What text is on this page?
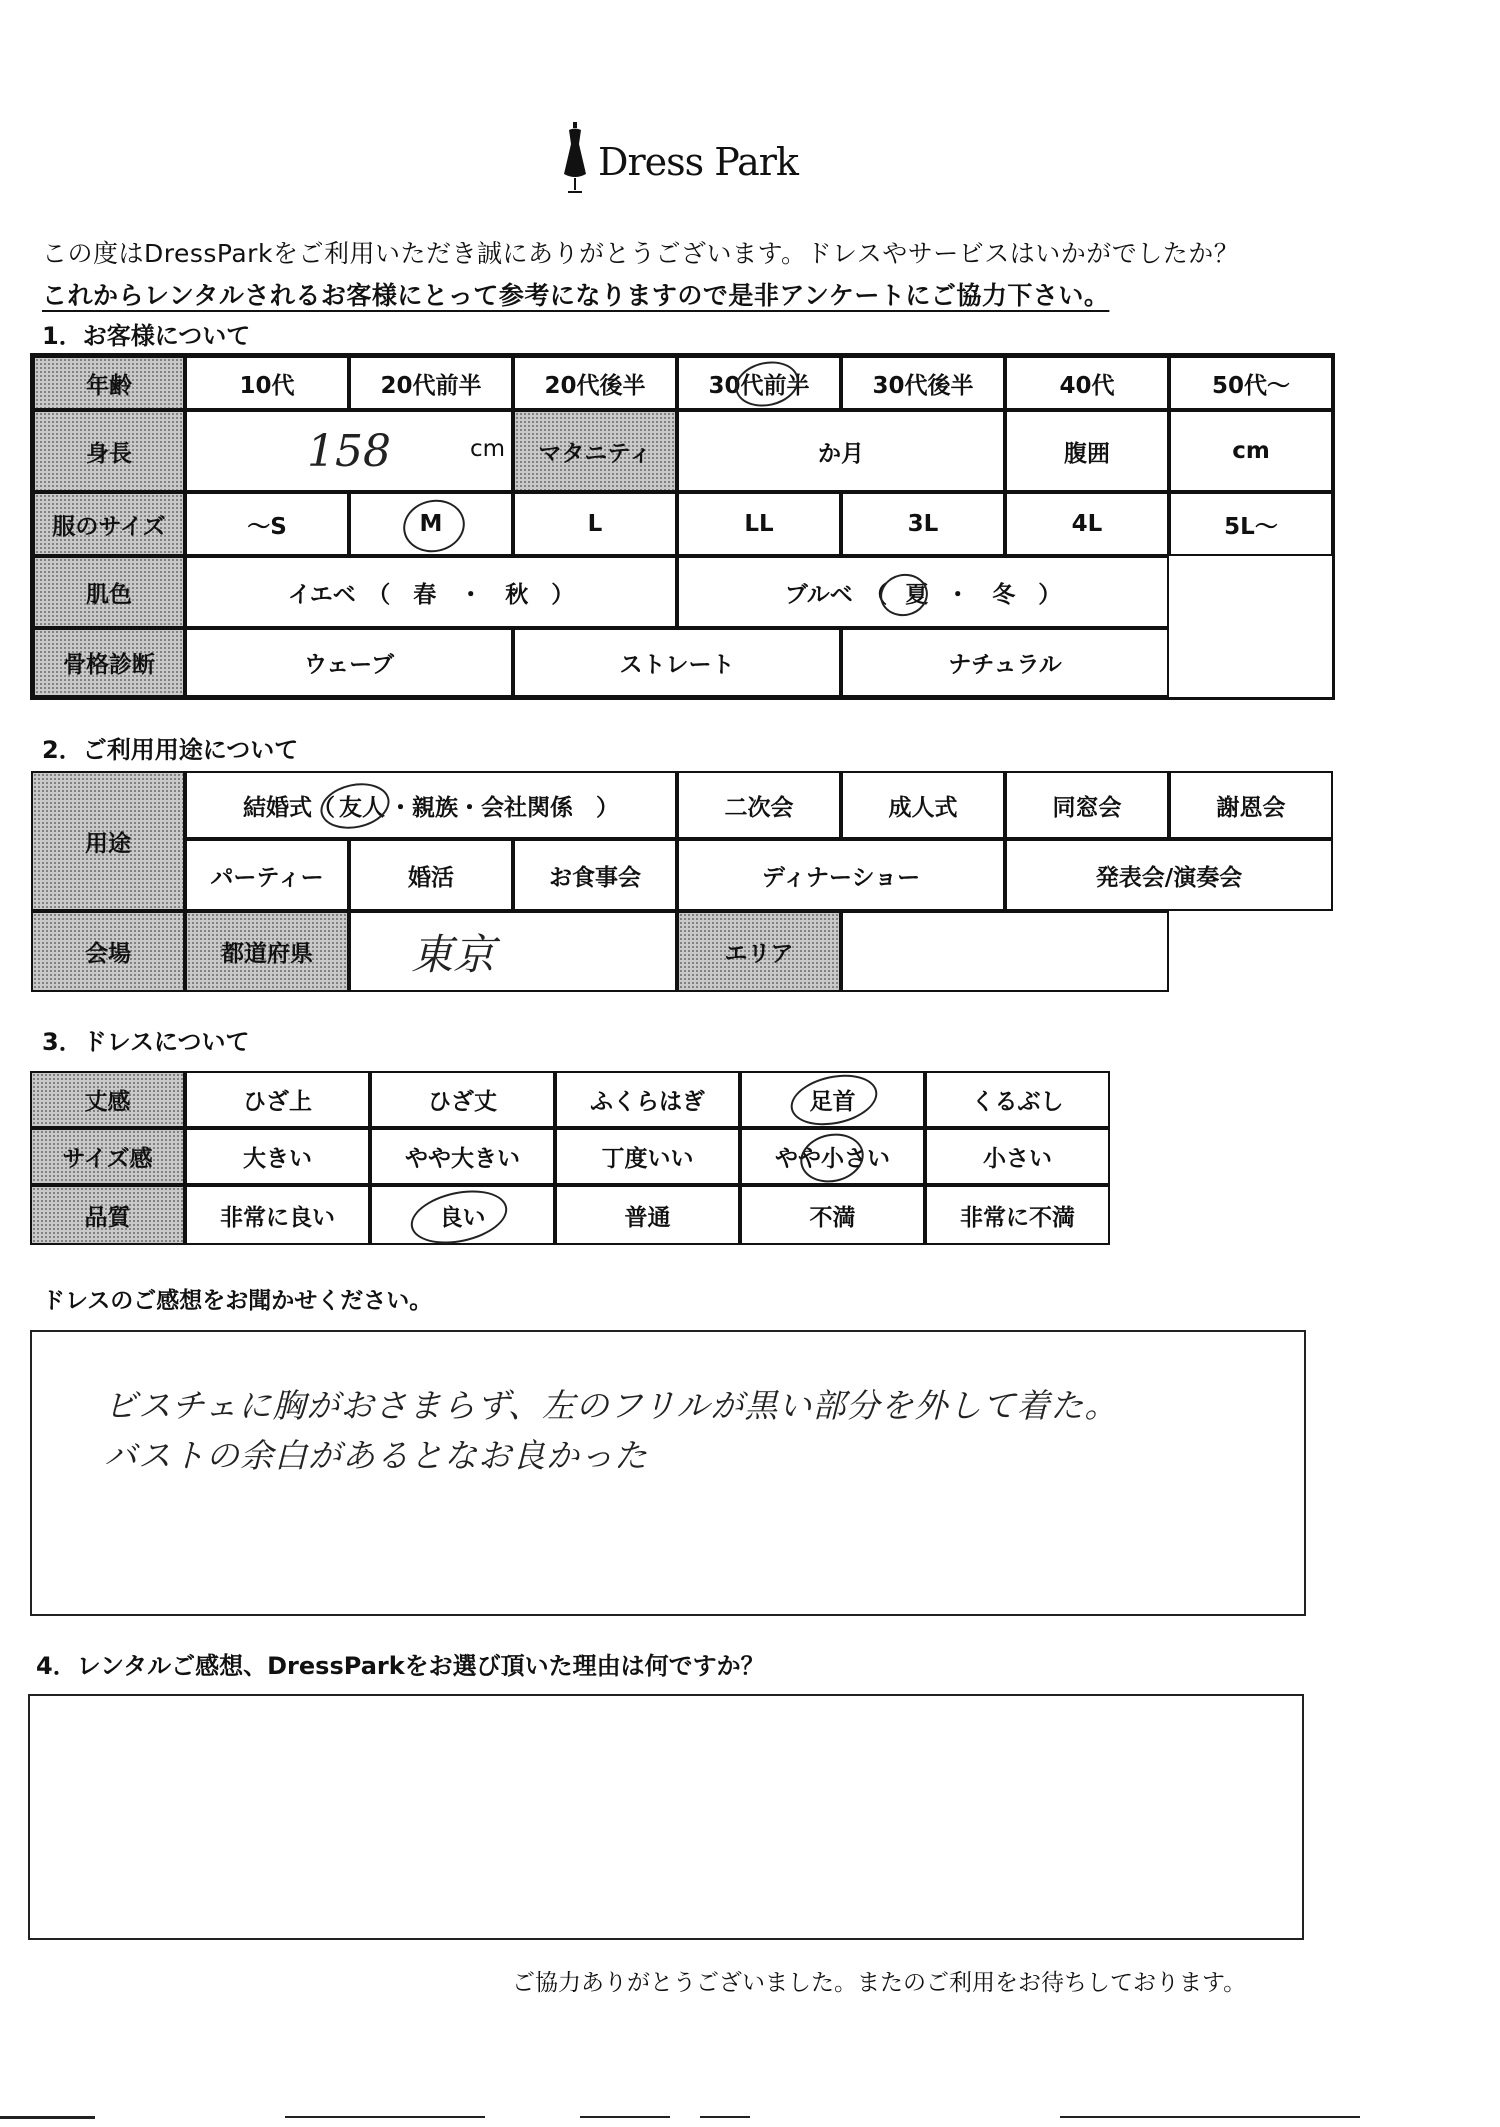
Dress Park
この度はDressParkをご利用いただき誠にありがとうございます。ドレスやサービスはいかがでしたか？
これからレンタルされるお客様にとって参考になりますので是非アンケートにご協力下さい。
1．お客様について
年齢	10代	20代前半	20代後半	30代前半	30代後半	40代	50代～
身長	158	cm	マタニティ	か月	腹囲	cm
服のサイズ	～S	M	L	LL	3L	4L	5L～
肌色	イエベ　（　春　・　秋　）	ブルベ　（ 夏 ・　冬　）
骨格診断	ウェーブ	ストレート	ナチュラル
2．ご利用用途について
用途
結婚式（ 友人 ・親族・会社関係　）	二次会	成人式	同窓会	謝恩会
パーティー	婚活	お食事会	ディナーショー	発表会/演奏会
会場	都道府県	東京	エリア
3．ドレスについて
丈感	ひざ上	ひざ丈	ふくらはぎ	足首	くるぶし
サイズ感	大きい	やや大きい	丁度いい	やや小さい	小さい
品質	非常に良い	良い	普通	不満	非常に不満
ドレスのご感想をお聞かせください。
ビスチェに胸がおさまらず、左のフリルが黒い部分を外して着た。
バストの余白があるとなお良かった
4．レンタルご感想、DressParkをお選び頂いた理由は何ですか？
ご協力ありがとうございました。またのご利用をお待ちしております。
